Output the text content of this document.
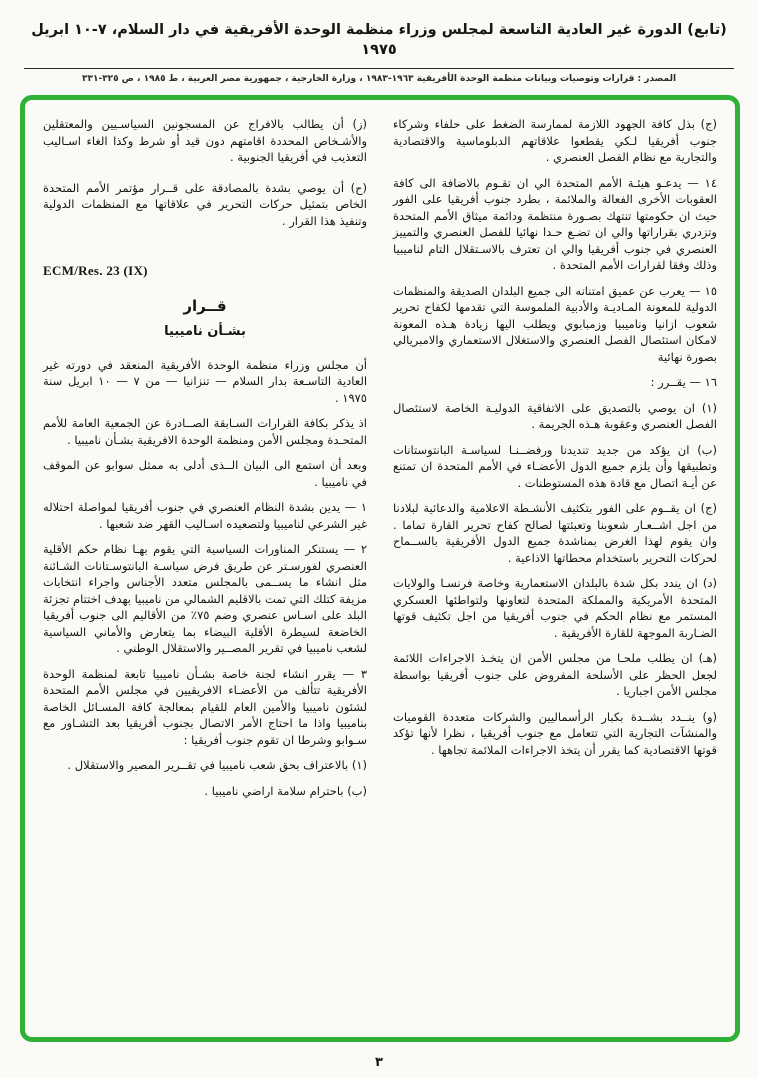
(تابع) الدورة غير العادية التاسعة لمجلس وزراء منظمة الوحدة الأفريقية في دار السلام، ٧-١٠ ابريل ١٩٧٥
المصدر : قرارات وتوصيات وبيانات منظمة الوحدة الأفريقية ١٩٦٣-١٩٨٣ ، وزارة الخارجية ، جمهورية مصر العربية ، ط ١٩٨٥ ، ص ٣٢٥-٣٣١

(ج) بذل كافة الجهود اللازمة لممارسة الضغط على حلفاء وشركاء جنوب أفريقيا لـكي يقطعوا علاقاتهم الدبلوماسية والاقتصادية والتجارية مع نظام الفصل العنصري .

١٤ — يدعـو هيئـة الأمم المتحدة الي ان تقـوم بالاضافة الى كافة العقوبات الأخرى الفعالة والملائمة ، بطرد جنوب أفريقيا على الفور حيث ان حكومتها تنتهك بصـورة منتظمة ودائمة ميثاق الأمم المتحدة وتزدري بقراراتها والي ان تضـع حـدا نهائيا للفصل العنصري والتمييز العنصري في جنوب أفريقيا والي ان تعترف بالاسـتقلال التام لناميبيا وذلك وفقا لقرارات الأمم المتحدة .

١٥ — يعرب عن عميق امتنانه الى جميع البلدان الصديقة والمنظمات الدولية للمعونة المـاديـة والأدبية الملموسة التي تقدمها لكفاح تحرير شعوب ازانيا وناميبيا وزمبابوي ويطلب اليها زيادة هـذه المعونة لامكان استئصال الفصل العنصري والاستغلال الاستعماري والامبريالي بصورة نهائية

١٦ — يقــرر :

(١) ان يوصي بالتصديق على الاتفاقية الدوليـة الخاصة لاستئصال الفصل العنصري وعقوبة هـذه الجريمة .

(ب) ان يؤكد من جديد تنديدنا ورفضــنـا لسياسـة البانتوستانات وتطبيقها وأن يلزم جميع الدول الأعضـاء في الأمم المتحدة ان تمتنع عن أيـة اتصال مع قادة هذه المستوطنات .

(ج) ان يقــوم على الفور بتكثيف الأنشـطة الاعلامية والدعائية لبلادنا من اجل اشــعـار شعوبنا وتعبئتها لصالح كفاح تحرير القارة تماما . وان يقوم لهذا الغرض بمناشدة جميع الدول الأفريقية بالســماح لحركات التحرير باستخدام محطاتها الاذاعية .

(د) ان يندد بكل شدة بالبلدان الاستعمارية وخاصة فرنسـا والولايات المتحدة الأمريكية والمملكة المتحدة لتعاونها ولتواطئها العسكري المستمر مع نظام الحكم في جنوب أفريقيا من اجل تكثيف قوتها الضـاربة الموجهة للقارة الأفريقية .

(هـ) ان يطلب ملحـا من مجلس الأمن ان يتخـذ الاجراءات اللائمة لجعل الحظر على الأسلحة المفروض على جنوب أفريقيا بواسطة مجلس الأمن اجباريا .

(و) ينــدد بشــدة بكبار الرأسماليين والشركات متعددة القوميات والمنشآت التجارية التي تتعامل مع جنوب أفريقيا ، نظرا لأنها تؤكد قوتها الاقتصادية كما يقرر أن يتخذ الاجراءات الملائمة تجاهها .

(ز) أن يطالب بالافراج عن المسجونين السياسـيين والمعتقلين والأشـخاص المحددة اقامتهم دون قيد أو شرط وكذا الغاء اسـاليب التعذيب في أفريقيا الجنوبية .

(ح) أن يوصي بشدة بالمصادقة على قــرار مؤتمر الأمم المتحدة الخاص بتمثيل حركات التحرير في علاقاتها مع المنظمات الدولية وتنفيذ هذا القرار .

ECM/Res. 23 (IX)

قــرار
بشـأن ناميبيا

أن مجلس وزراء منظمة الوحدة الأفريقية المنعقد في دورته غير العادية التاسـعة بدار السلام — تنزانيا — من ٧ — ١٠ ابريل سنة ١٩٧٥ .

اذ يذكر بكافة القرارات السـابقة الصــادرة عن الجمعية العامة للأمم المتحـدة ومجلس الأمن ومنظمة الوحدة الافريقية بشـأن ناميبيا .

وبعد أن استمع الى البيان الــذى أدلى به ممثل سوابو عن الموقف في ناميبيا .

١ — يدين بشدة النظام العنصري في جنوب أفريقيا لمواصلة احتلاله غير الشرعي لناميبيا ولتصعيده اسـاليب القهر ضد شعبها .

٢ — يستنكر المناورات السياسية التي يقوم بهـا نظام حكم الأقلية العنصري لفورسـتر عن طريق فرض سياسـة البانتوسـتانات الشـائنة مثل انشاء ما يســمى بالمجلس متعدد الأجناس واجراء انتخابات مزيفة كتلك التي تمت بالاقليم الشمالي من ناميبيا بهدف اختتام تجزئة البلد على اسـاس عنصري وضم ٧٥٪ من الأقاليم الى جنوب أفريقيا الخاضعة لسيطرة الأقلية البيضاء بما يتعارض والأماني السياسية لشعب ناميبيا في تقرير المصــير والاستقلال الوطني .

٣ — يقرر انشاء لجنة خاصة بشـأن ناميبيا تابعة لمنظمة الوحدة الأفريقية تتألف من الأعضـاء الافريقيين في مجلس الأمم المتحدة لشئون ناميبيا والأمين العام للقيام بمعالجة كافة المسـائل الخاصة بناميبيا واذا ما احتاج الأمر الاتصال بجنوب أفريقيا بعد التشـاور مع سـوابو وشرطا ان تقوم جنوب أفريقيا :

(١) بالاعتراف بحق شعب ناميبيا في تقــرير المصير والاستقلال .

(ب) باحترام سلامة اراضي ناميبيا .

٣
